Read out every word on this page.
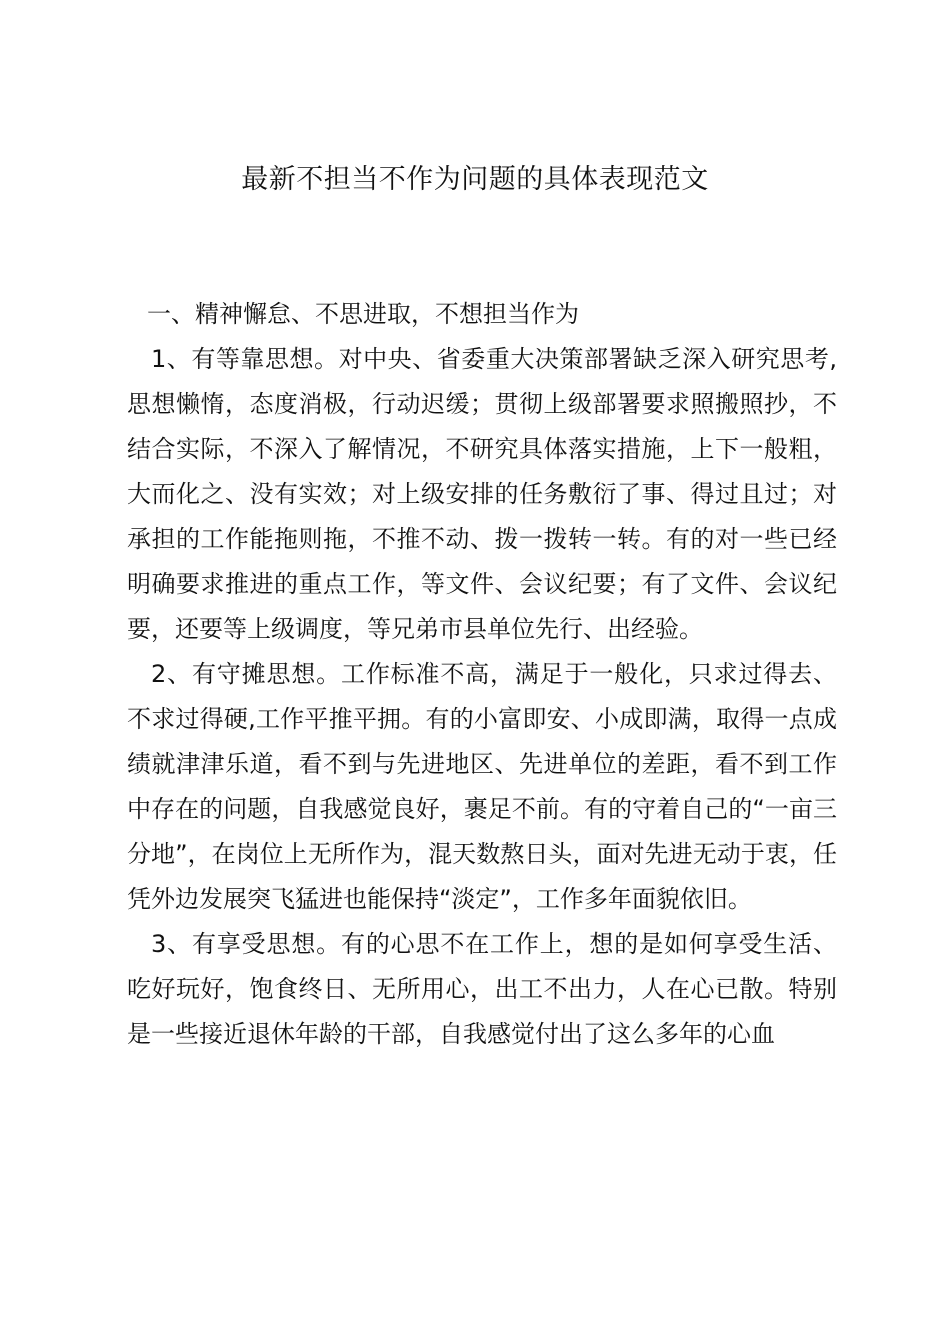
最新不担当不作为问题的具体表现范文

一、精神懈怠、不思进取，不想担当作为

1、有等靠思想。对中央、省委重大决策部署缺乏深入研究思考,思想懒惰，态度消极，行动迟缓；贯彻上级部署要求照搬照抄，不结合实际，不深入了解情况，不研究具体落实措施，上下一般粗，大而化之、没有实效；对上级安排的任务敷衍了事、得过且过；对承担的工作能拖则拖，不推不动、拨一拨转一转。有的对一些已经明确要求推进的重点工作，等文件、会议纪要；有了文件、会议纪要，还要等上级调度，等兄弟市县单位先行、出经验。

2、有守摊思想。工作标准不高，满足于一般化，只求过得去、不求过得硬,工作平推平拥。有的小富即安、小成即满，取得一点成绩就津津乐道，看不到与先进地区、先进单位的差距，看不到工作中存在的问题，自我感觉良好，裹足不前。有的守着自己的“一亩三分地”，在岗位上无所作为，混天数熬日头，面对先进无动于衷，任凭外边发展突飞猛进也能保持“淡定”，工作多年面貌依旧。

3、有享受思想。有的心思不在工作上，想的是如何享受生活、吃好玩好，饱食终日、无所用心，出工不出力，人在心已散。特别是一些接近退休年龄的干部，自我感觉付出了这么多年的心血
